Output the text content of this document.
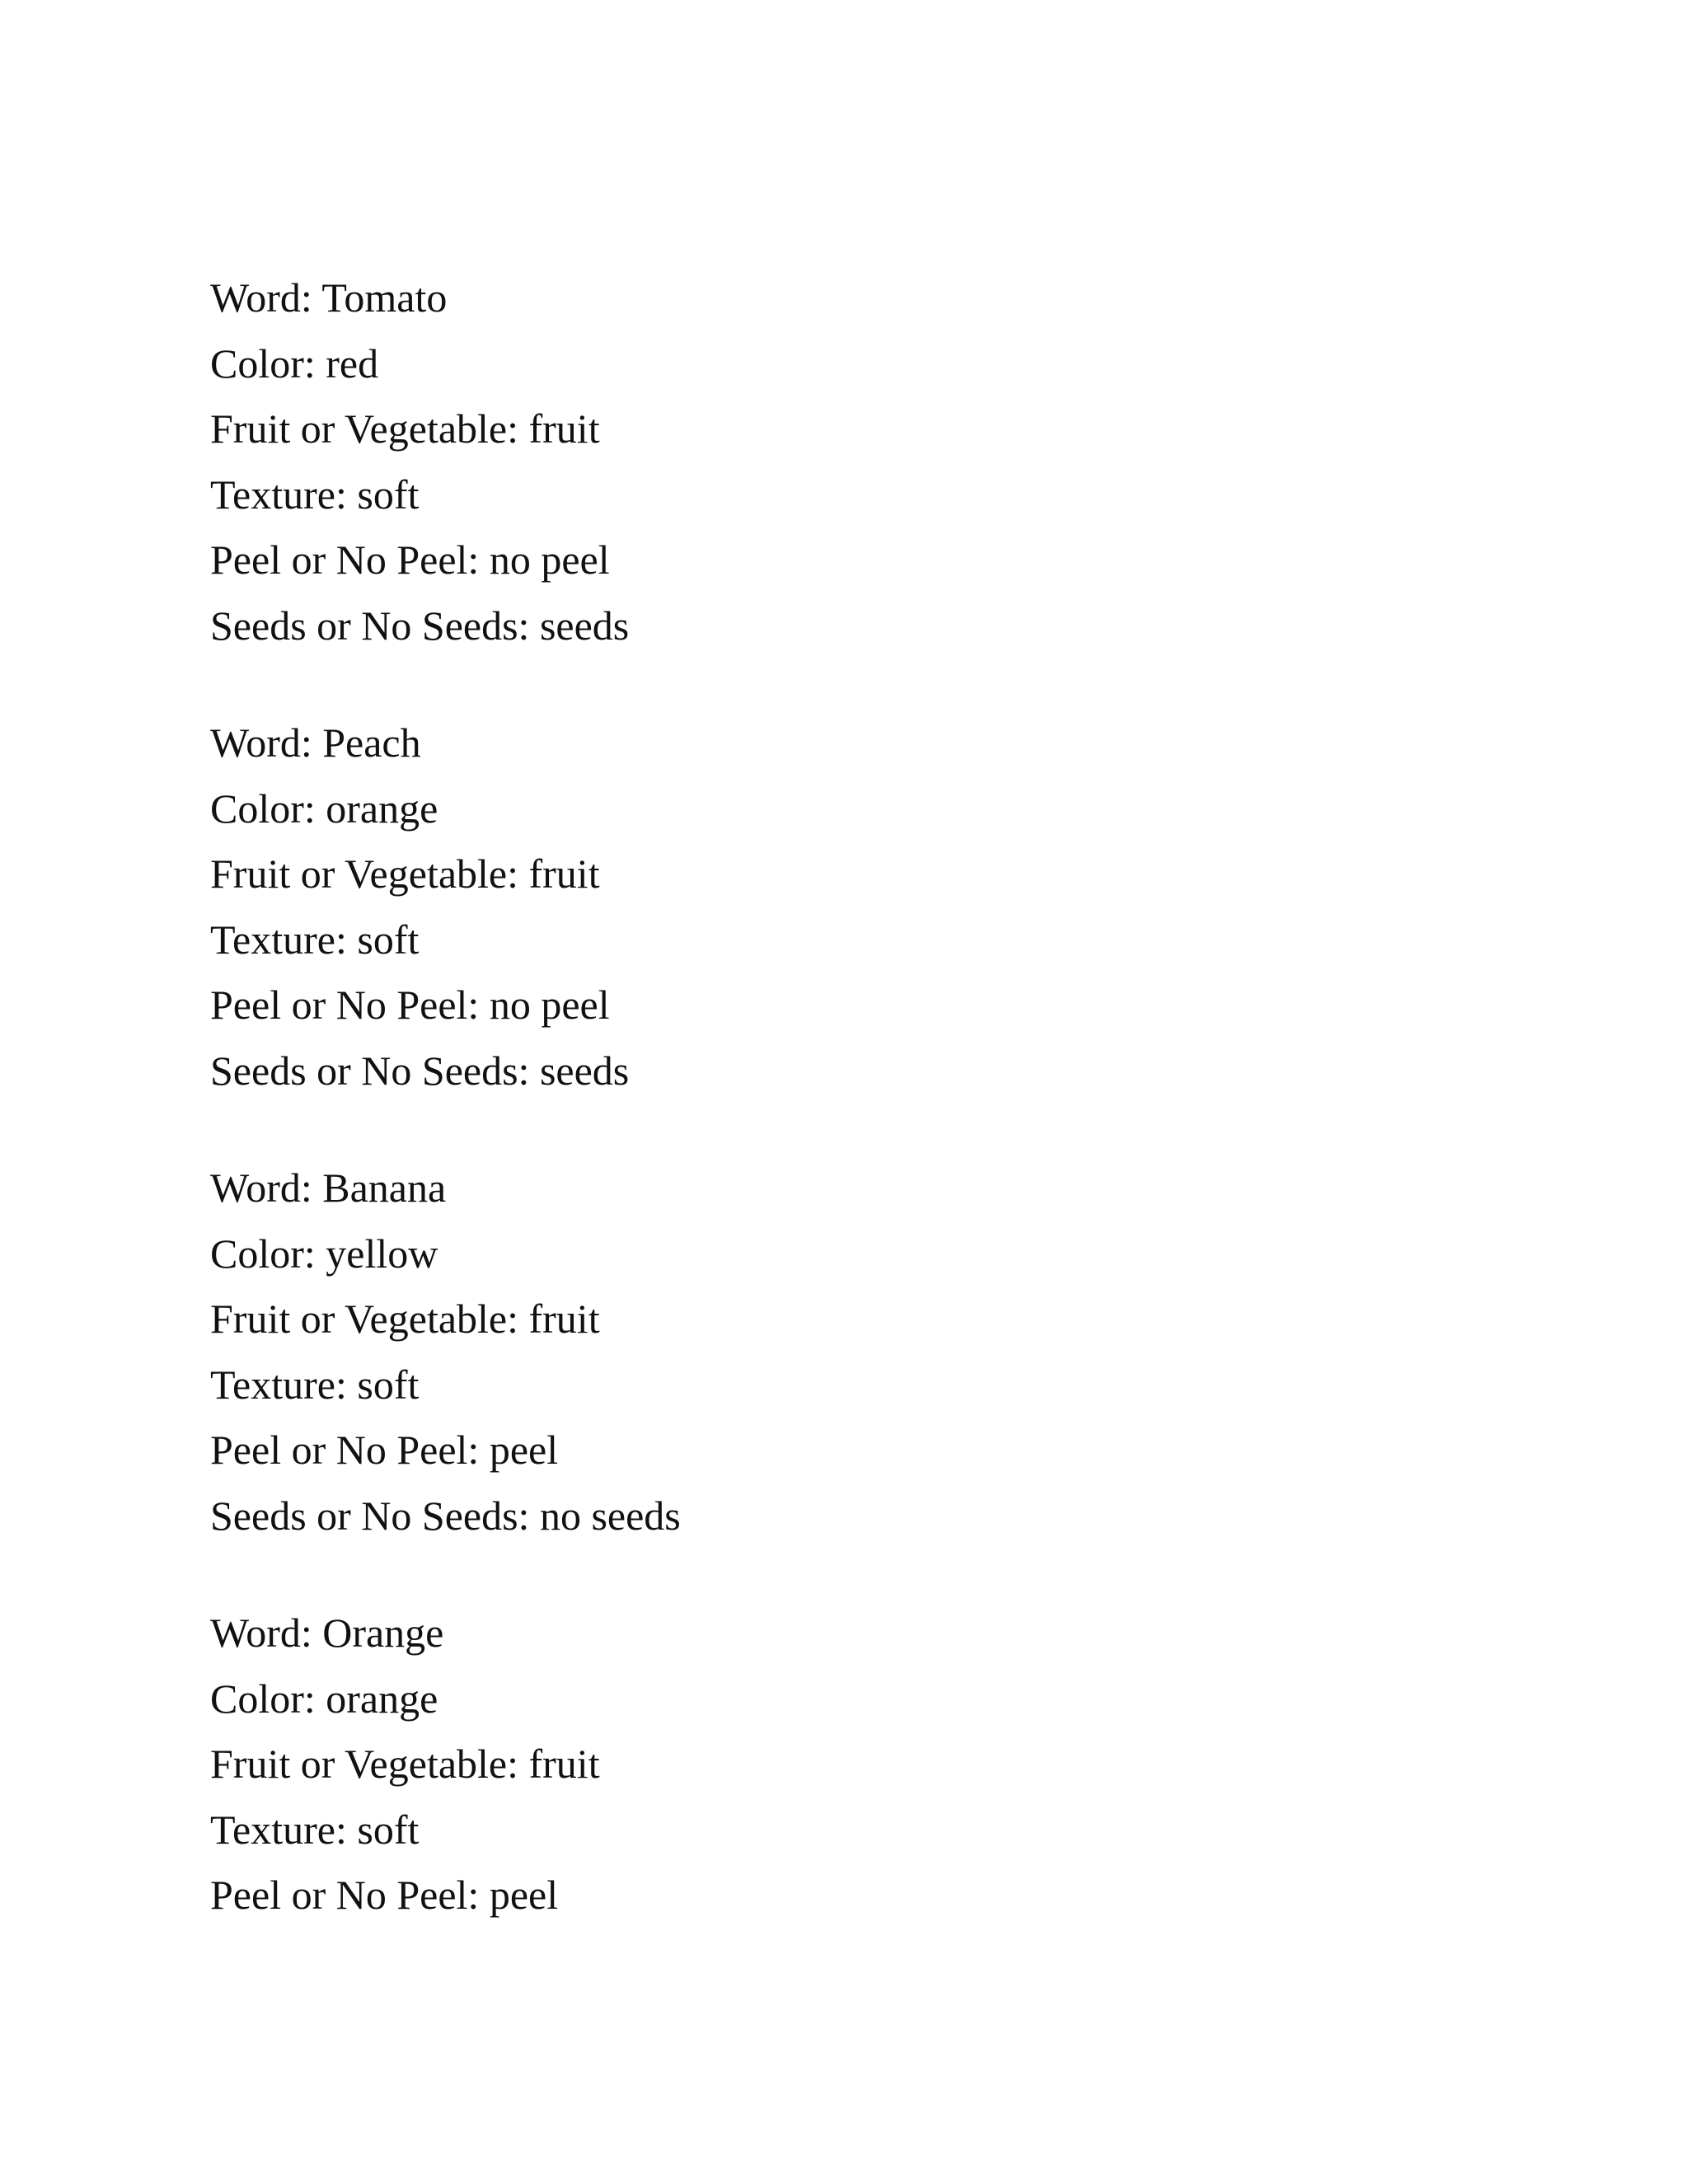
Word: Tomato
Color: red
Fruit or Vegetable: fruit
Texture: soft
Peel or No Peel: no peel
Seeds or No Seeds: seeds
Word: Peach
Color: orange
Fruit or Vegetable: fruit
Texture: soft
Peel or No Peel: no peel
Seeds or No Seeds: seeds
Word: Banana
Color: yellow
Fruit or Vegetable: fruit
Texture: soft
Peel or No Peel: peel
Seeds or No Seeds: no seeds
Word: Orange
Color: orange
Fruit or Vegetable: fruit
Texture: soft
Peel or No Peel: peel
